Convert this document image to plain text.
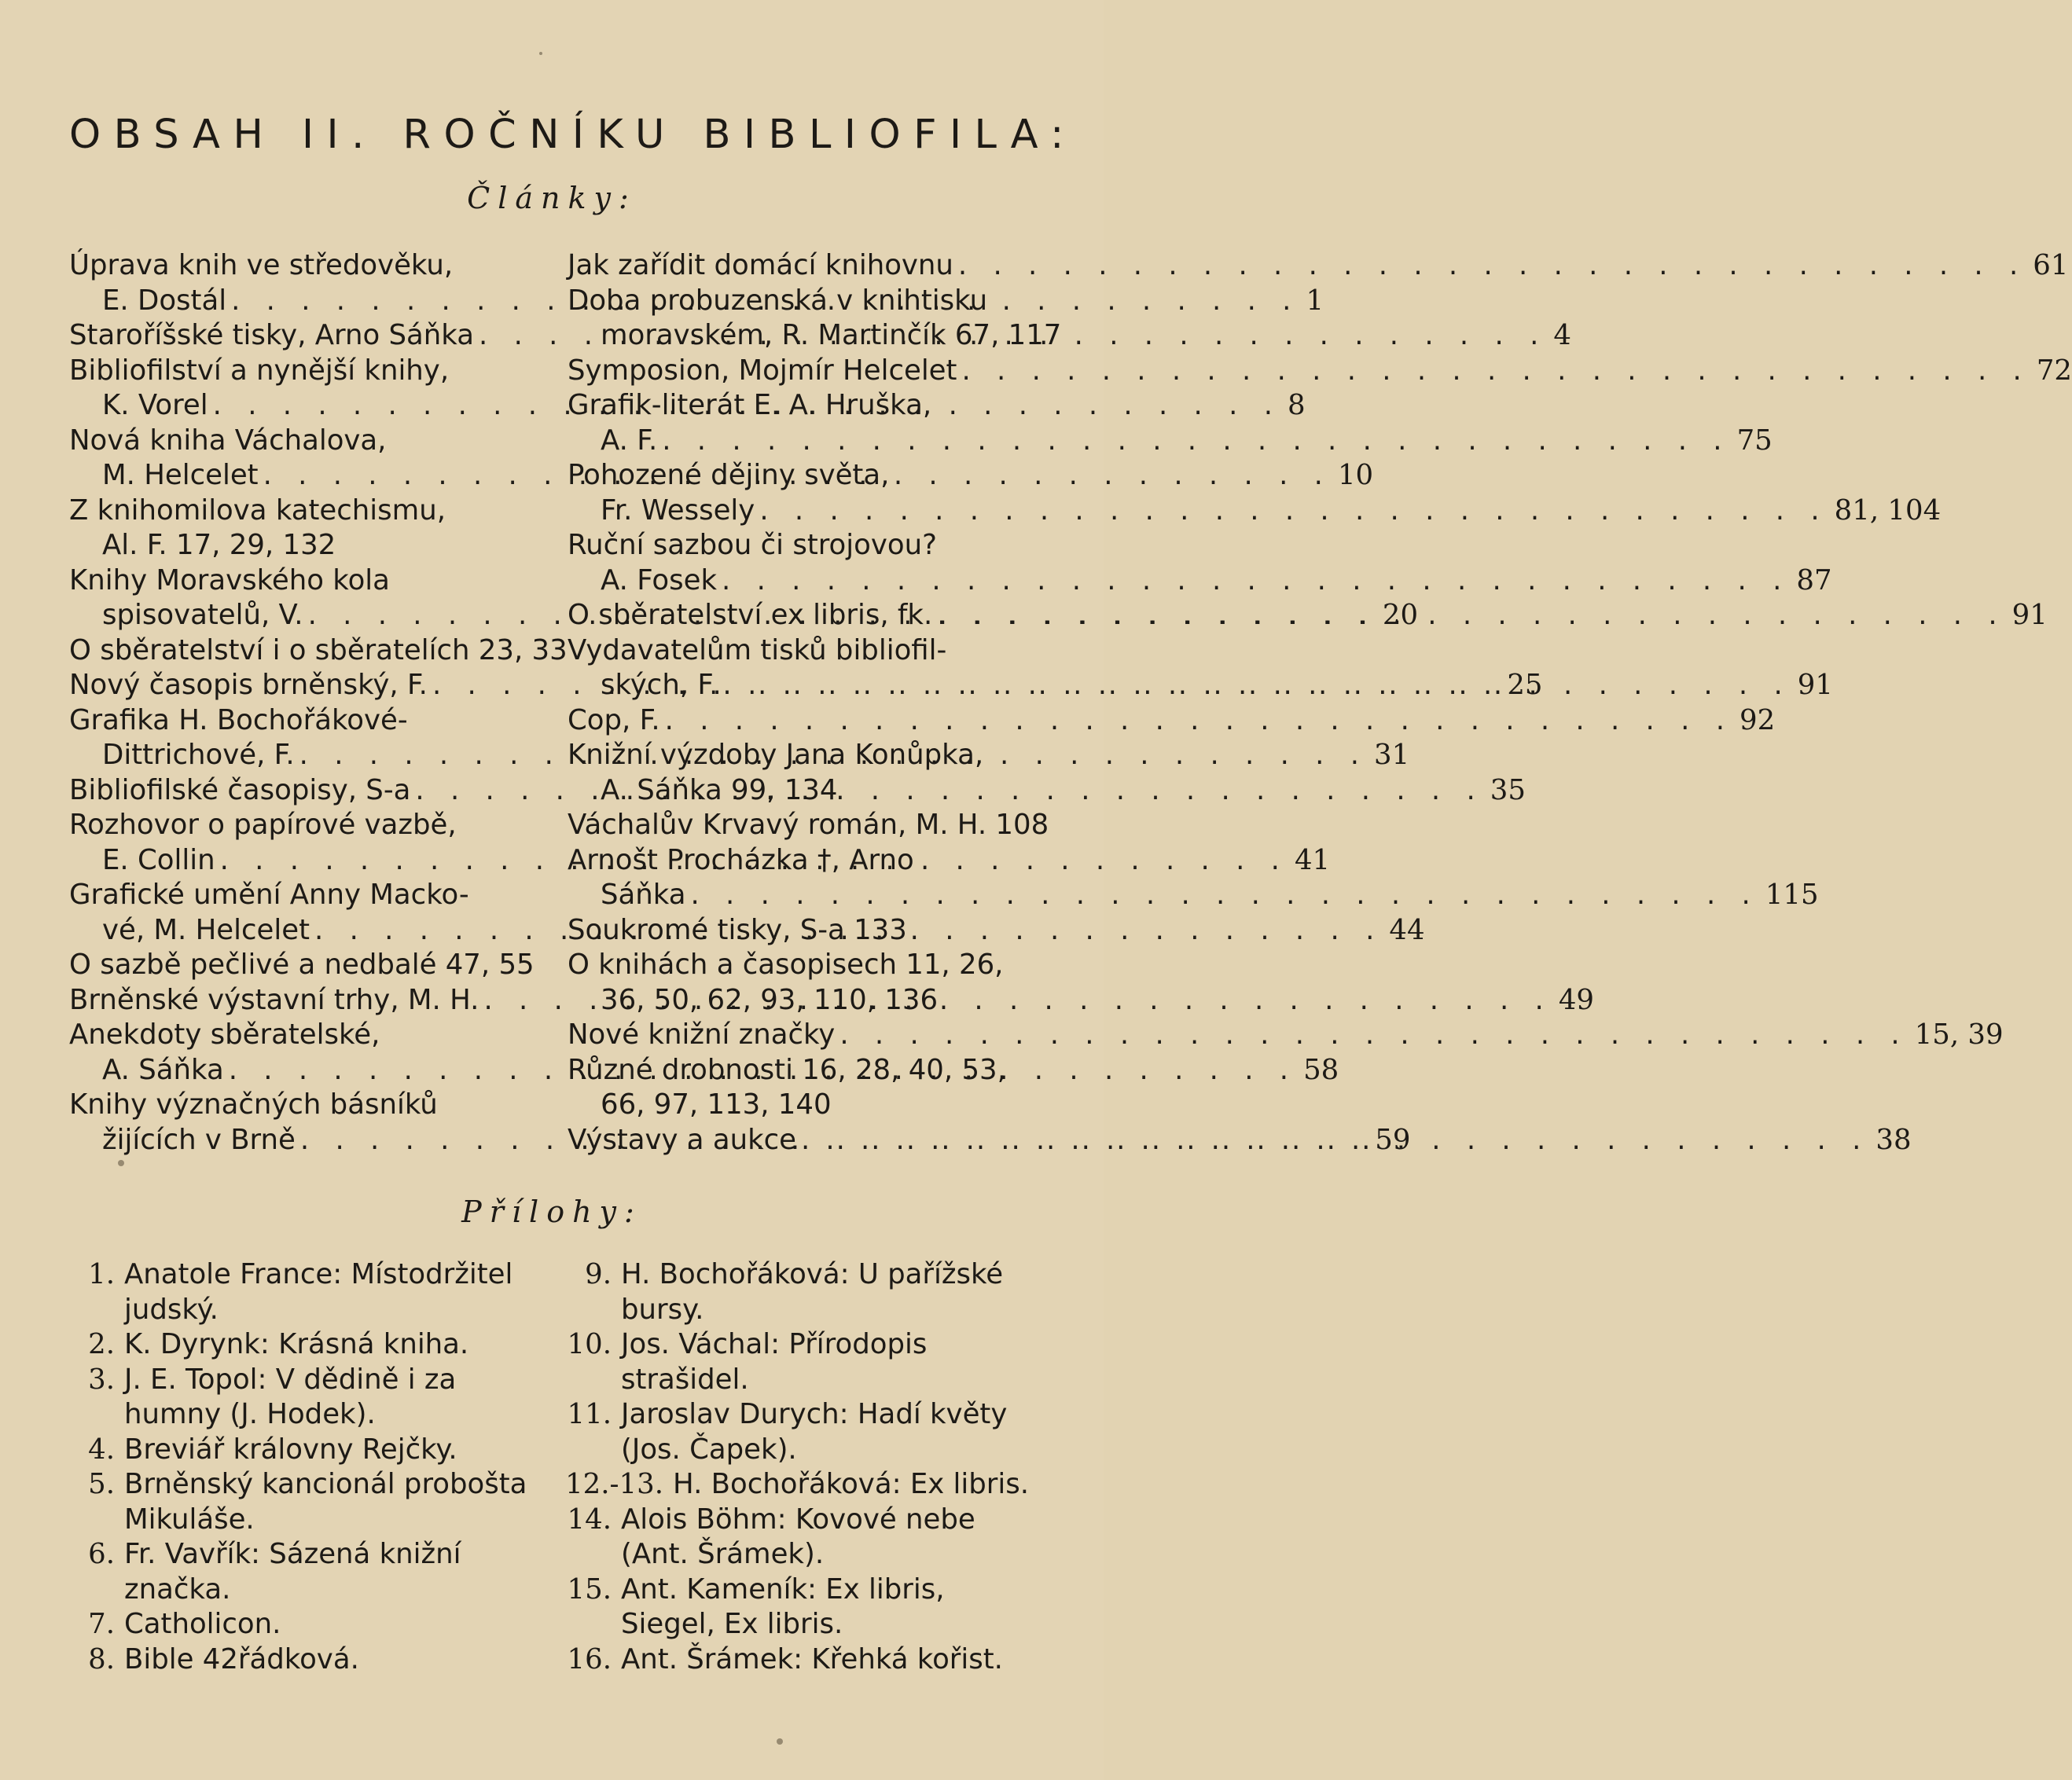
OBSAH II. ROČNÍKU BIBLIOFILA:
Články:
Úprava knih ve středověku,
E. Dostál . . .	1
Staroříšské tisky, Arno Sáňka . . .	4
Bibliofilství a nynější knihy,
K. Vorel . . .	8
Nová kniha Váchalova,
M. Helcelet . . .	10
Z knihomilova katechismu,
Al. F. 17, 29, 132
Knihy Moravského kola
spisovatelů, V. . . .	20
O sběratelství i o sběratelích 23, 33
Nový časopis brněnský, F. . . .	25
Grafika H. Bochořákové-
Dittrichové, F. . . .	31
Bibliofilské časopisy, S-a . . .	35
Rozhovor o papírové vazbě,
E. Collin . . .	41
Grafické umění Anny Macko-
vé, M. Helcelet . . .	44
O sazbě pečlivé a nedbalé 47, 55
Brněnské výstavní trhy, M. H. . . .	49
Anekdoty sběratelské,
A. Sáňka . . .	58
Knihy význačných básníků
žijících v Brně . . .	59
Jak zařídit domácí knihovnu . . .	61
Doba probuzenská v knihtisku
moravském, R. Martinčík 67, 117
Symposion, Mojmír Helcelet . . .	72
Grafik-literát E. A. Hruška,
A. F. . . .	75
Pohozené dějiny světa,
Fr. Wessely . . .	81, 104
Ruční sazbou či strojovou?
A. Fosek . . .	87
O sběratelství ex libris, fk. . . .	91
Vydavatelům tisků bibliofil-
ských, F. . . .	91
Cop, F. . . .	92
Knižní výzdoby Jana Konůpka,
A. Sáňka 99, 134
Váchalův Krvavý román, M. H. 108
Arnošt Procházka †, Arno
Sáňka . . .	115
Soukromé tisky, S-a 133
O knihách a časopisech 11, 26,
36, 50, 62, 93, 110, 136
Nové knižní značky . . .	15, 39
Různé drobnosti 16, 28, 40, 53,
66, 97, 113, 140
Výstavy a aukce . . .	38
Přílohy:
1. Anatole France: Místodržitel judský.
2. K. Dyrynk: Krásná kniha.
3. J. E. Topol: V dědině i za humny (J. Hodek).
4. Breviář královny Rejčky.
5. Brněnský kancionál probošta Mikuláše.
6. Fr. Vavřík: Sázená knižní značka.
7. Catholicon.
8. Bible 42řádková.
9. H. Bochořáková: U pařížské bursy.
10. Jos. Váchal: Přírodopis strašidel.
11. Jaroslav Durych: Hadí květy (Jos. Čapek).
12.-13. H. Bochořáková: Ex libris.
14. Alois Böhm: Kovové nebe (Ant. Šrámek).
15. Ant. Kameník: Ex libris, Siegel, Ex libris.
16. Ant. Šrámek: Křehká kořist.
